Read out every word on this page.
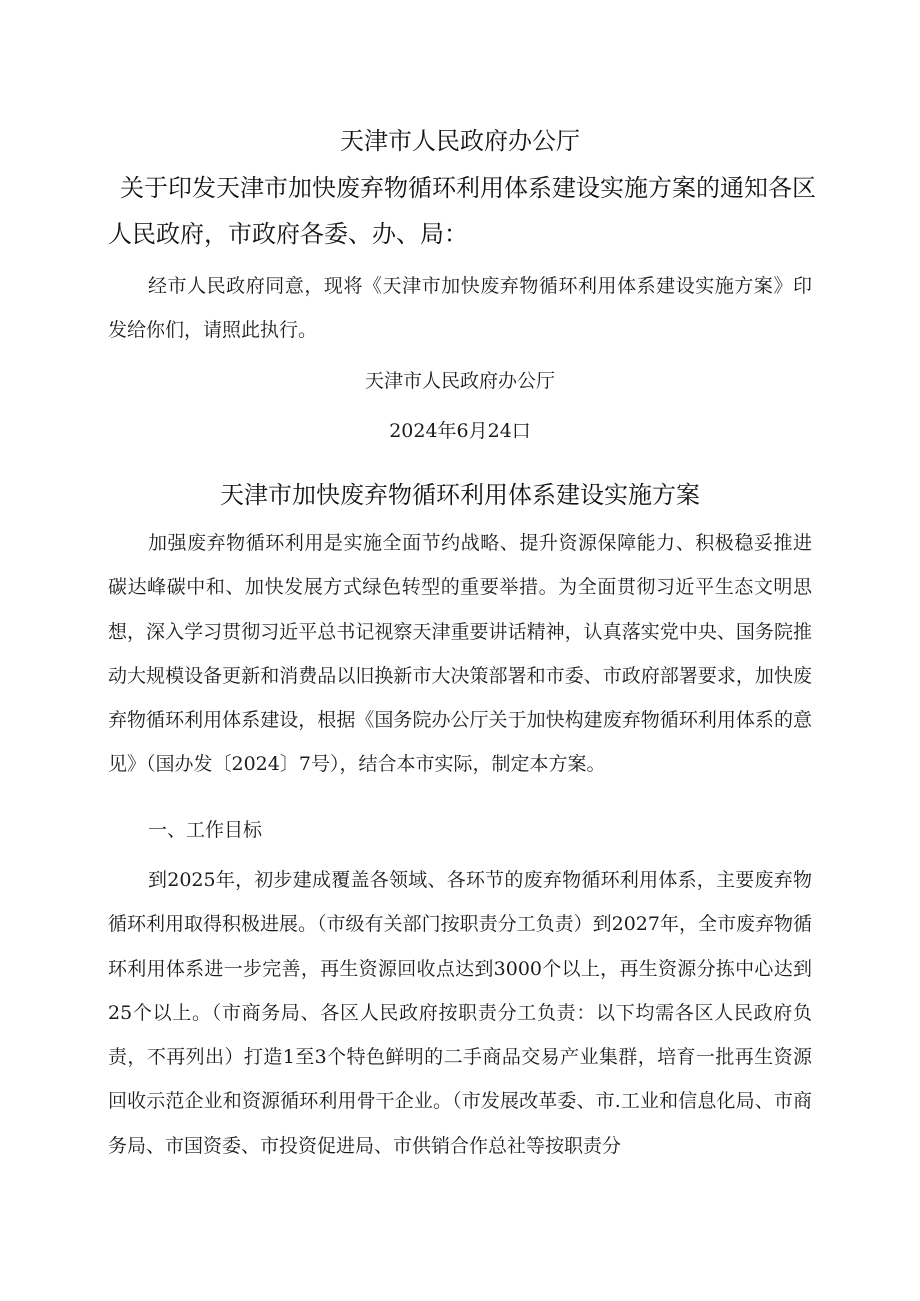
天津市人民政府办公厅
关于印发天津市加快废弃物循环利用体系建设实施方案的通知各区
人民政府，市政府各委、办、局：

经市人民政府同意，现将《天津市加快废弃物循环利用体系建设实施方案》印发给你们，请照此执行。

天津市人民政府办公厅

2024年6月24口

天津市加快废弃物循环利用体系建设实施方案

加强废弃物循环利用是实施全面节约战略、提升资源保障能力、积极稳妥推进碳达峰碳中和、加快发展方式绿色转型的重要举措。为全面贯彻习近平生态文明思想，深入学习贯彻习近平总书记视察天津重要讲话精神，认真落实党中央、国务院推动大规模设备更新和消费品以旧换新市大决策部署和市委、市政府部署要求，加快废弃物循环利用体系建设，根据《国务院办公厅关于加快构建废弃物循环利用体系的意见》（国办发〔2024〕7号），结合本市实际，制定本方案。

一、工作目标

到2025年，初步建成覆盖各领域、各环节的废弃物循环利用体系，主要废弃物循环利用取得积极进展。（市级有关部门按职责分工负责）到2027年，全市废弃物循环利用体系进一步完善，再生资源回收点达到3000个以上，再生资源分拣中心达到25个以上。（市商务局、各区人民政府按职责分工负责：以下均需各区人民政府负责，不再列出）打造1至3个特色鲜明的二手商品交易产业集群，培育一批再生资源回收示范企业和资源循环利用骨干企业。（市发展改革委、市.工业和信息化局、市商务局、市国资委、市投资促进局、市供销合作总社等按职责分
